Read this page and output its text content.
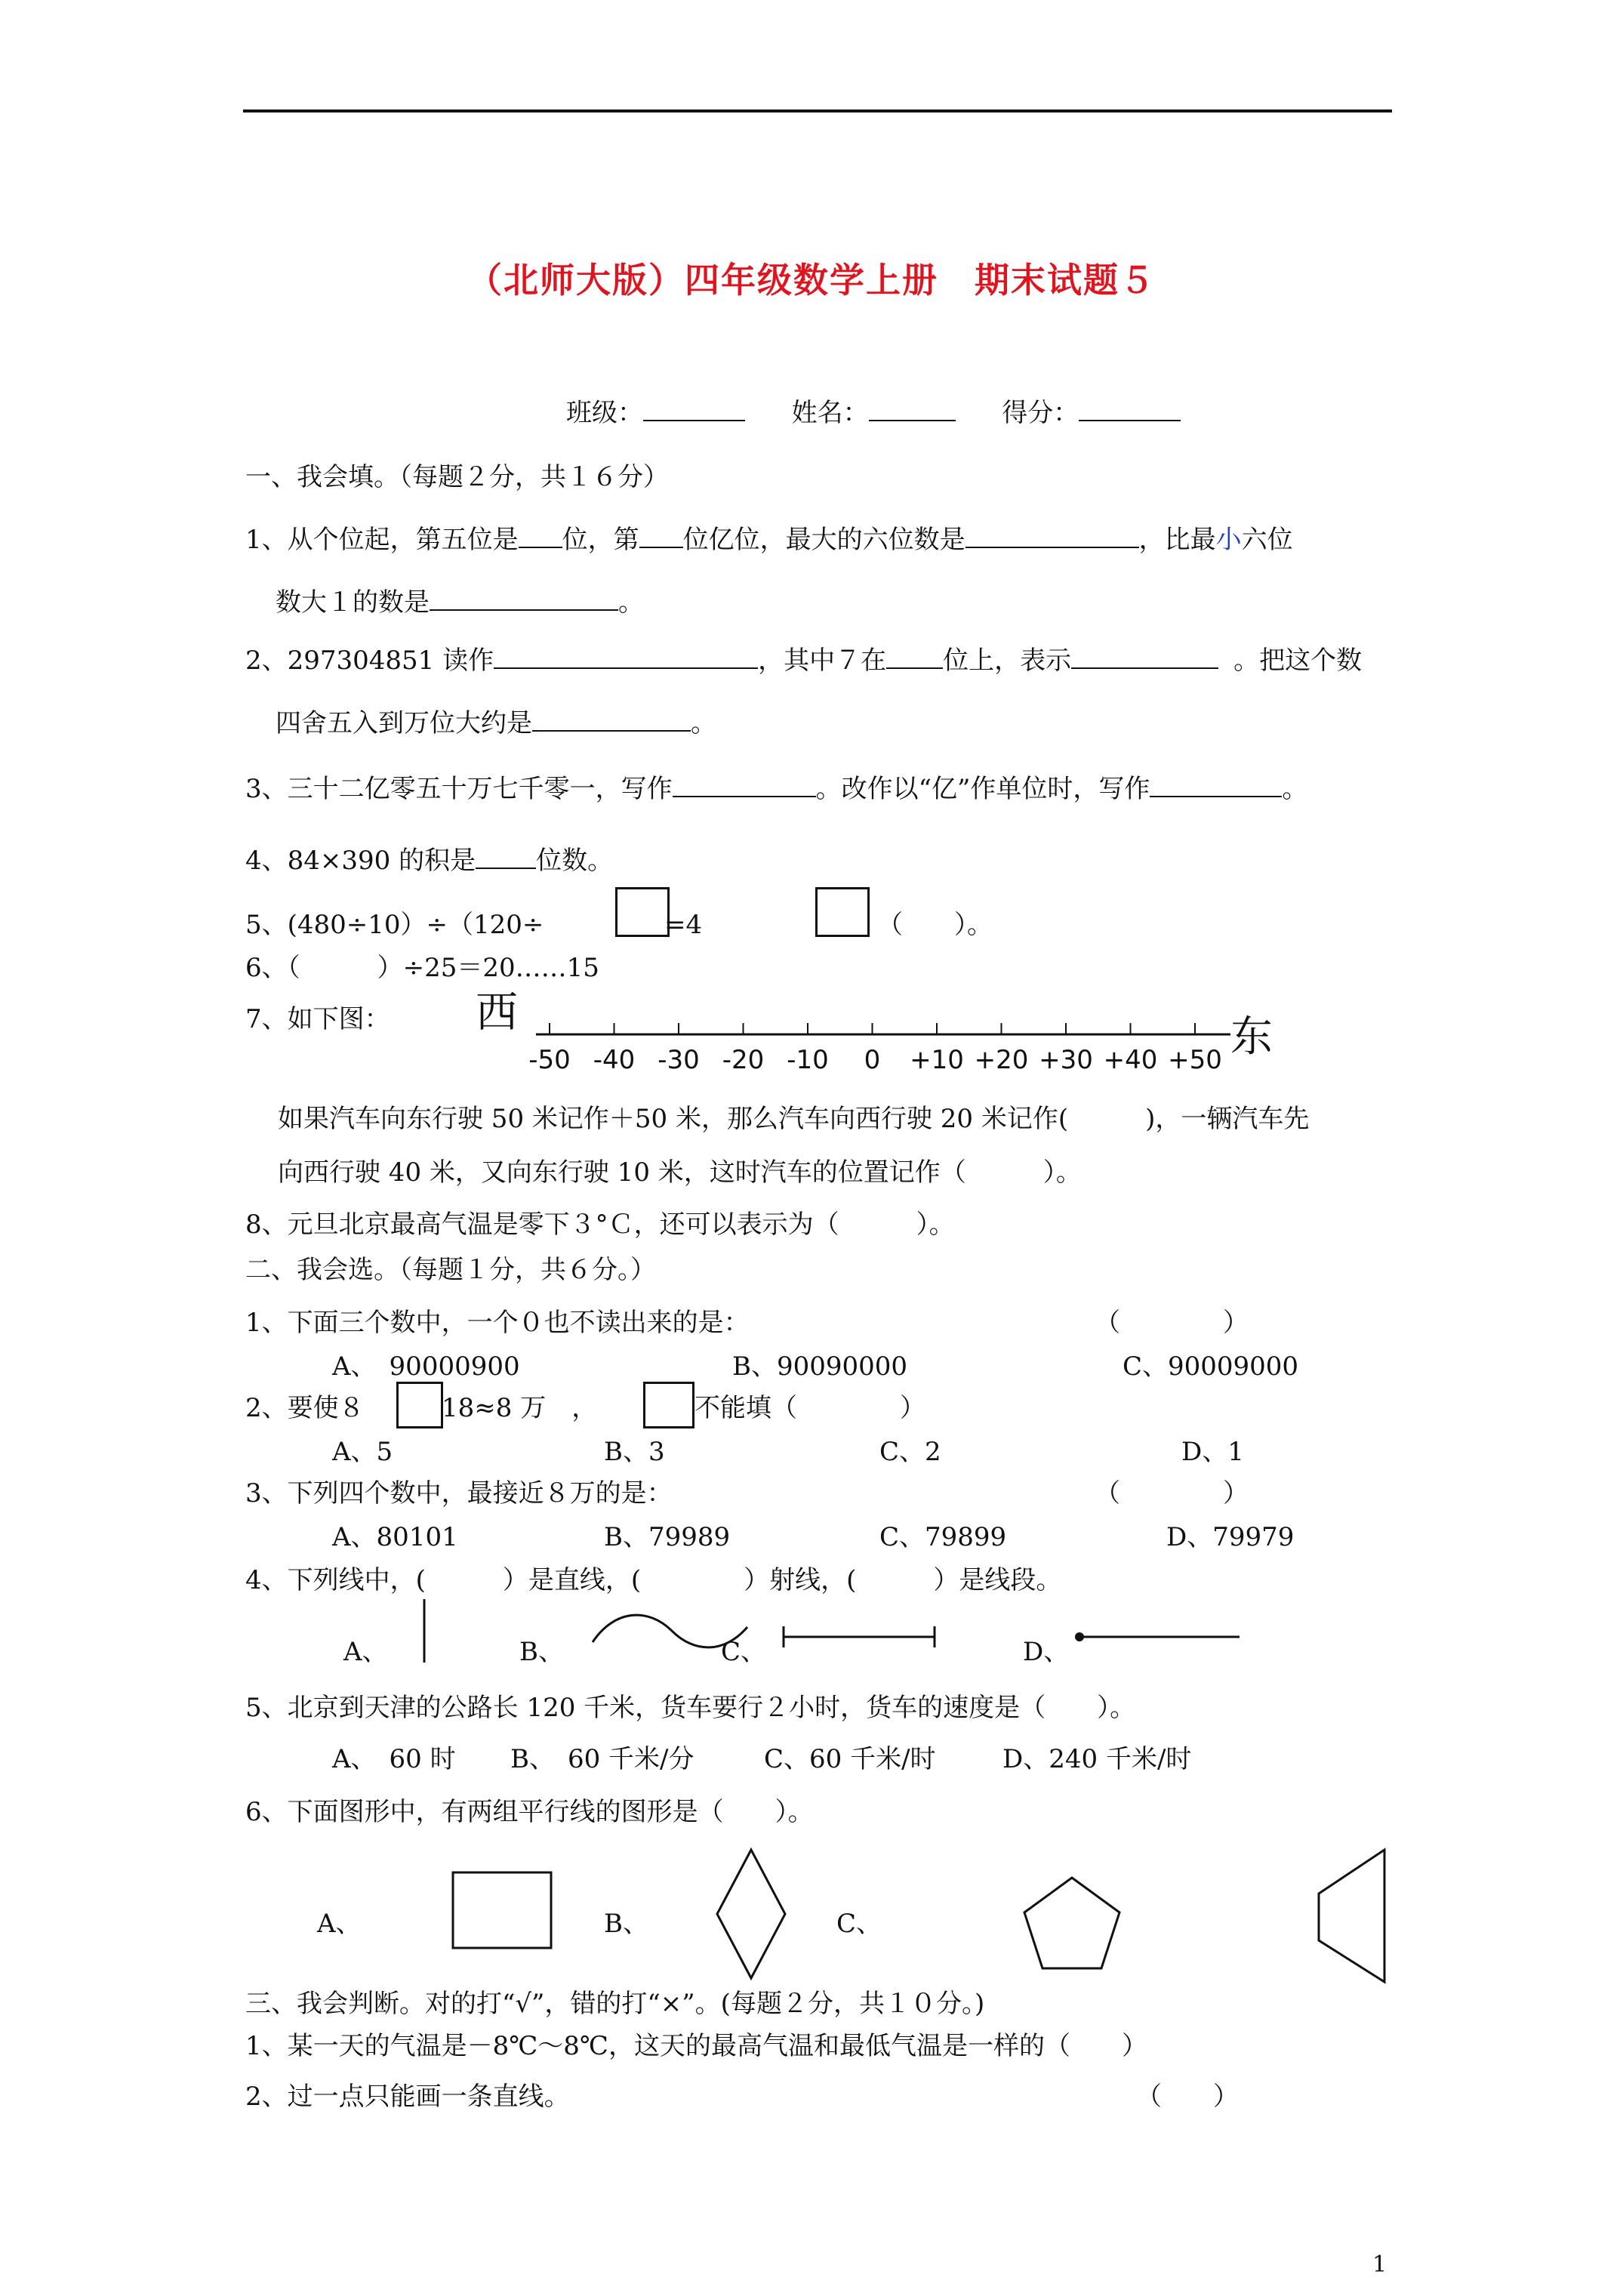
（北师大版）四年级数学上册　期末试题５
班级：	姓名：	得分：
一、我会填。（每题２分，共１６分）
1、从个位起，第五位是 位，第 位亿位，最大的六位数是	，比最小六位
数大１的数是	。
2、297304851 读作	，其中７在 位上，表示	。把这个数
四舍五入到万位大约是	。
3、三十二亿零五十万七千零一，写作	。改作以“亿”作单位时，写作	。
4、84×390 的积是 位数。
5、(480÷10）÷（120÷	=4	（　　）。
6、（　　　）÷25＝20……15
7、如下图： 西	东
-50 -40 -30 -20 -10 0 +10 +20 +30 +40 +50
如果汽车向东行驶 50 米记作＋50 米，那么汽车向西行驶 20 米记作(　　　)，一辆汽车先
向西行驶 40 米，又向东行驶 10 米，这时汽车的位置记作（　　　）。
8、元旦北京最高气温是零下３°Ｃ，还可以表示为（　　　）。
二、我会选。（每题１分，共６分。）
1、下面三个数中，一个０也不读出来的是：	（　　　　）
A、　90000900	B、90090000	C、90009000
2、要使８	18≈8 万　，	不能填（　　　　）
A、5	B、3	C、2	D、1
3、下列四个数中，最接近８万的是：	（　　　　）
A、80101	B、79989	C、79899	D、79979
4、下列线中，(　　　）是直线，(　　　　）射线，(　　　）是线段。
A、	B、	C、	D、
5、北京到天津的公路长 120 千米，货车要行２小时，货车的速度是（　　）。
A、　60 时 B、　60 千米/分	C、60 千米/时	D、240 千米/时
6、下面图形中，有两组平行线的图形是（　　）。
A、	B、	C、
三、我会判断。对的打“√”，错的打“×”。(每题２分，共１０分。)
1、某一天的气温是－8℃～8℃，这天的最高气温和最低气温是一样的（　　）
2、过一点只能画一条直线。	（　　）
1
